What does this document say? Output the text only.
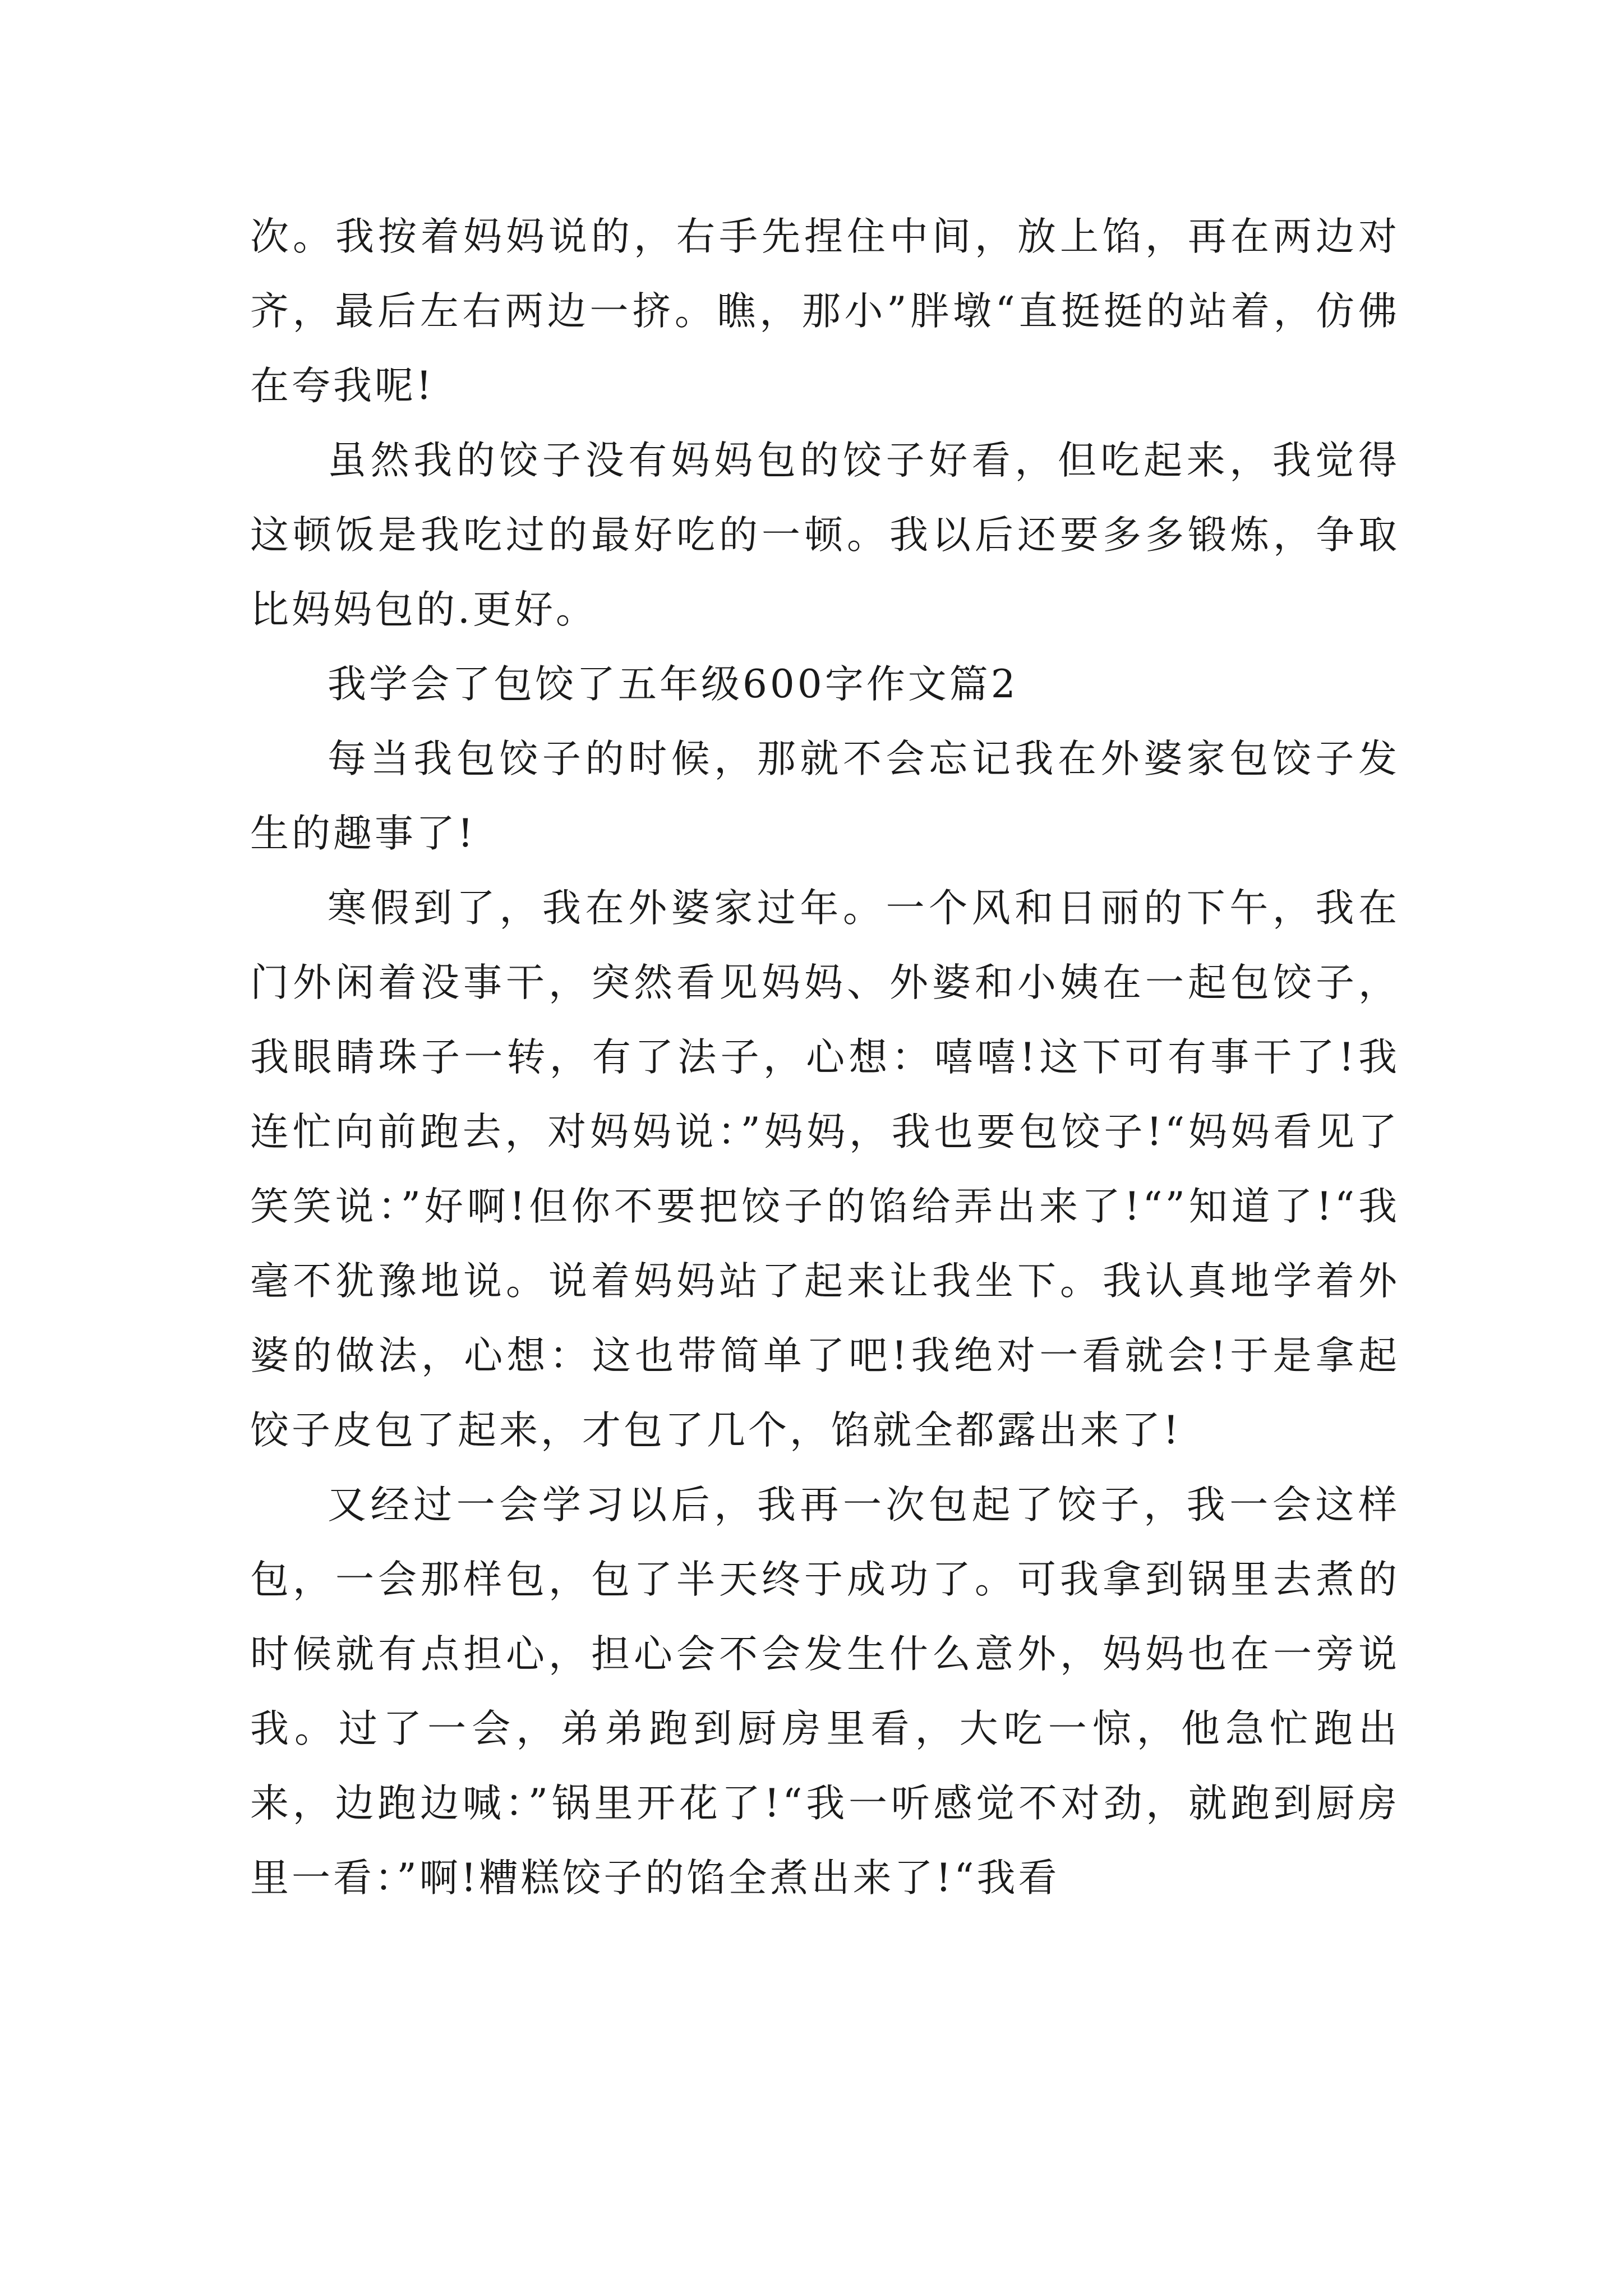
次。我按着妈妈说的，右手先捏住中间，放上馅，再在两边对齐，最后左右两边一挤。瞧，那小”胖墩“直挺挺的站着，仿佛在夸我呢!

虽然我的饺子没有妈妈包的饺子好看，但吃起来，我觉得这顿饭是我吃过的最好吃的一顿。我以后还要多多锻炼，争取比妈妈包的.更好。

我学会了包饺了五年级600字作文篇2

每当我包饺子的时候，那就不会忘记我在外婆家包饺子发生的趣事了!

寒假到了，我在外婆家过年。一个风和日丽的下午，我在门外闲着没事干，突然看见妈妈、外婆和小姨在一起包饺子，我眼睛珠子一转，有了法子，心想：嘻嘻!这下可有事干了!我连忙向前跑去，对妈妈说：”妈妈，我也要包饺子!“妈妈看见了笑笑说：”好啊!但你不要把饺子的馅给弄出来了!“”知道了!“我毫不犹豫地说。说着妈妈站了起来让我坐下。我认真地学着外婆的做法，心想：这也带简单了吧!我绝对一看就会!于是拿起饺子皮包了起来，才包了几个，馅就全都露出来了!

又经过一会学习以后，我再一次包起了饺子，我一会这样包，一会那样包，包了半天终于成功了。可我拿到锅里去煮的时候就有点担心，担心会不会发生什么意外，妈妈也在一旁说我。过了一会，弟弟跑到厨房里看，大吃一惊，他急忙跑出来，边跑边喊：”锅里开花了!“我一听感觉不对劲，就跑到厨房里一看：”啊!糟糕饺子的馅全煮出来了!“我看
